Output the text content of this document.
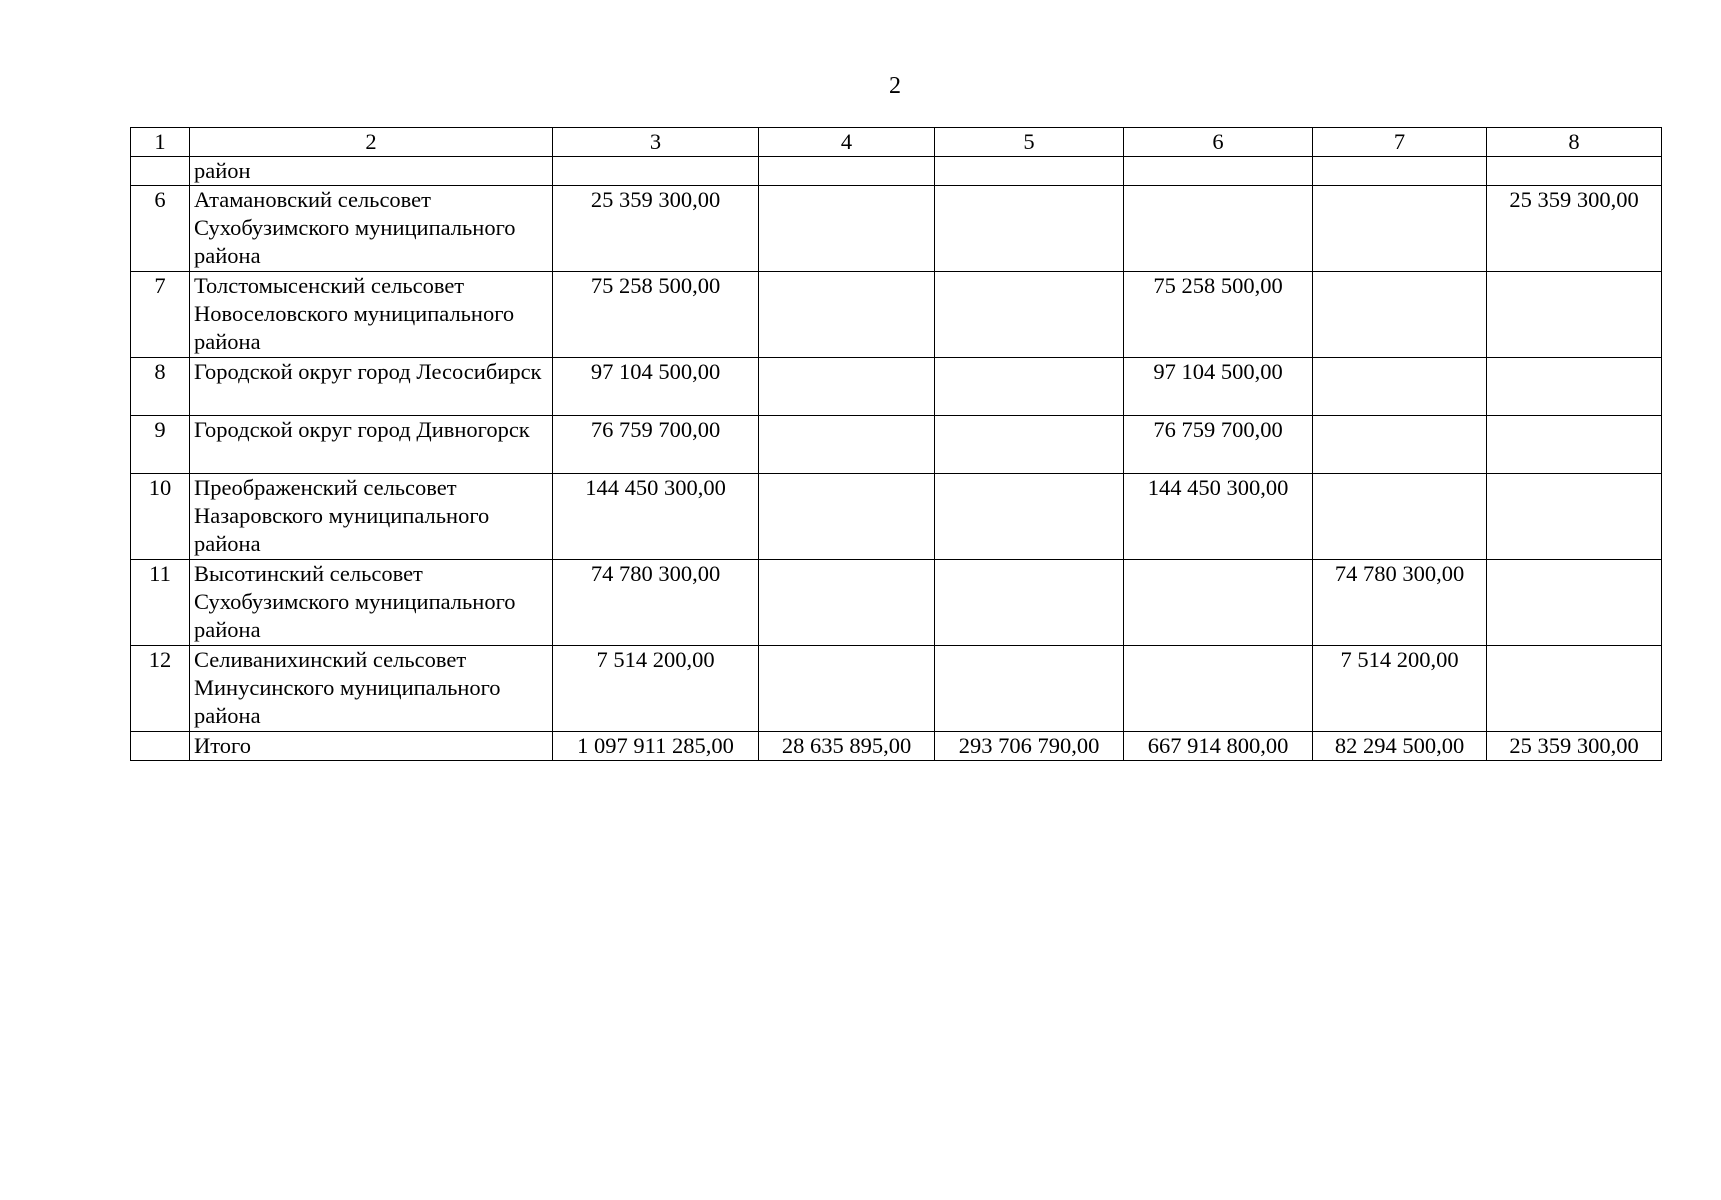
2
1	2	3	4	5	6	7	8
	район						
6	Атамановский сельсовет Сухобузимского муниципального района	25 359 300,00					25 359 300,00
7	Толстомысенский сельсовет Новоселовского муниципального района	75 258 500,00			75 258 500,00		
8	Городской округ город Лесосибирск	97 104 500,00			97 104 500,00		
9	Городской округ город Дивногорск	76 759 700,00			76 759 700,00		
10	Преображенский сельсовет Назаровского муниципального района	144 450 300,00			144 450 300,00		
11	Высотинский сельсовет Сухобузимского муниципального района	74 780 300,00				74 780 300,00	
12	Селиванихинский сельсовет Минусинского муниципального района	7 514 200,00				7 514 200,00	
	Итого	1 097 911 285,00	28 635 895,00	293 706 790,00	667 914 800,00	82 294 500,00	25 359 300,00
